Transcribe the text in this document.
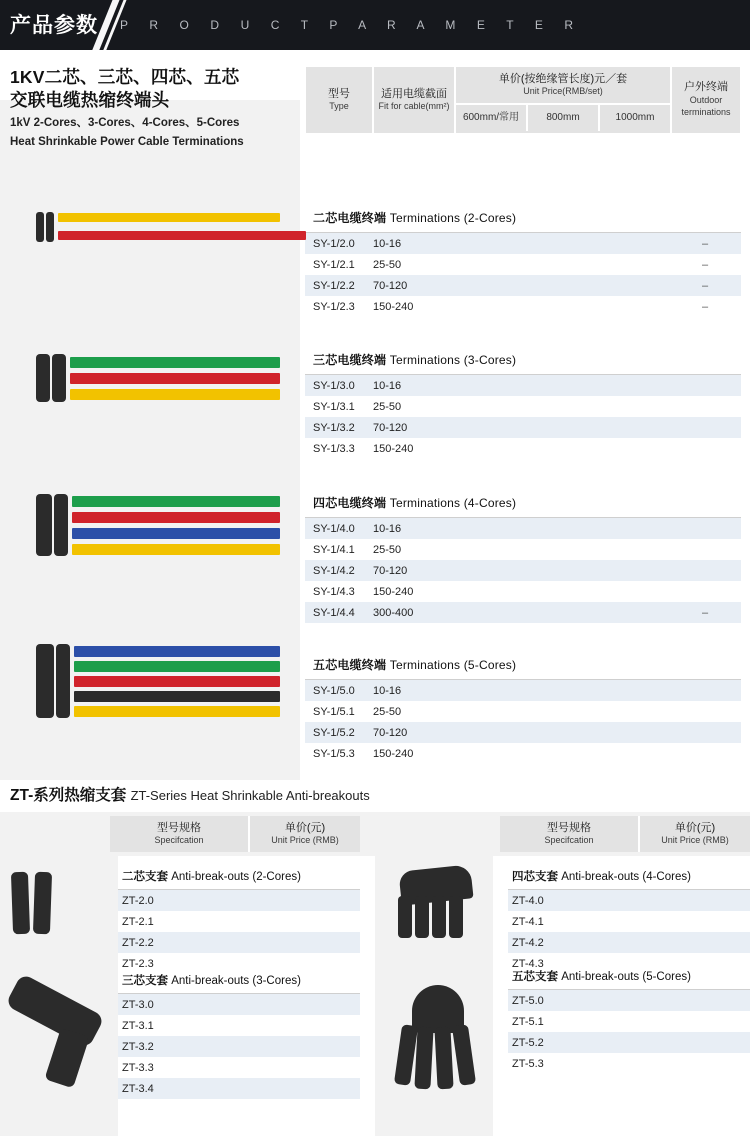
产品参数 P R O D U C T P A R A M E T E R
1KV二芯、三芯、四芯、五芯
交联电缆热缩终端头
1kV 2-Cores、3-Cores、4-Cores、5-Cores
Heat Shrinkable Power Cable Terminations
型号
Type
适用电缆截面
Fit for cable(mm²)
单价(按绝缘管长度)元／套
Unit Price(RMB/set)
600mm/常用	800mm	1000mm
户外终端
Outdoor
terminations
二芯电缆终端 Terminations (2-Cores)
SY-1/2.0	10-16	–
SY-1/2.1	25-50	–
SY-1/2.2	70-120	–
SY-1/2.3	150-240	–
三芯电缆终端 Terminations (3-Cores)
SY-1/3.0	10-16
SY-1/3.1	25-50
SY-1/3.2	70-120
SY-1/3.3	150-240
四芯电缆终端 Terminations (4-Cores)
SY-1/4.0	10-16
SY-1/4.1	25-50
SY-1/4.2	70-120
SY-1/4.3	150-240
SY-1/4.4	300-400	–
五芯电缆终端 Terminations (5-Cores)
SY-1/5.0	10-16
SY-1/5.1	25-50
SY-1/5.2	70-120
SY-1/5.3	150-240
ZT-系列热缩支套 ZT-Series Heat Shrinkable Anti-breakouts
型号规格
Specifcation
单价(元)
Unit Price (RMB)
型号规格
Specifcation
单价(元)
Unit Price (RMB)
二芯支套 Anti-break-outs (2-Cores)
ZT-2.0
ZT-2.1
ZT-2.2
ZT-2.3
四芯支套 Anti-break-outs (4-Cores)
ZT-4.0
ZT-4.1
ZT-4.2
ZT-4.3
三芯支套 Anti-break-outs (3-Cores)
ZT-3.0
ZT-3.1
ZT-3.2
ZT-3.3
ZT-3.4
五芯支套 Anti-break-outs (5-Cores)
ZT-5.0
ZT-5.1
ZT-5.2
ZT-5.3
